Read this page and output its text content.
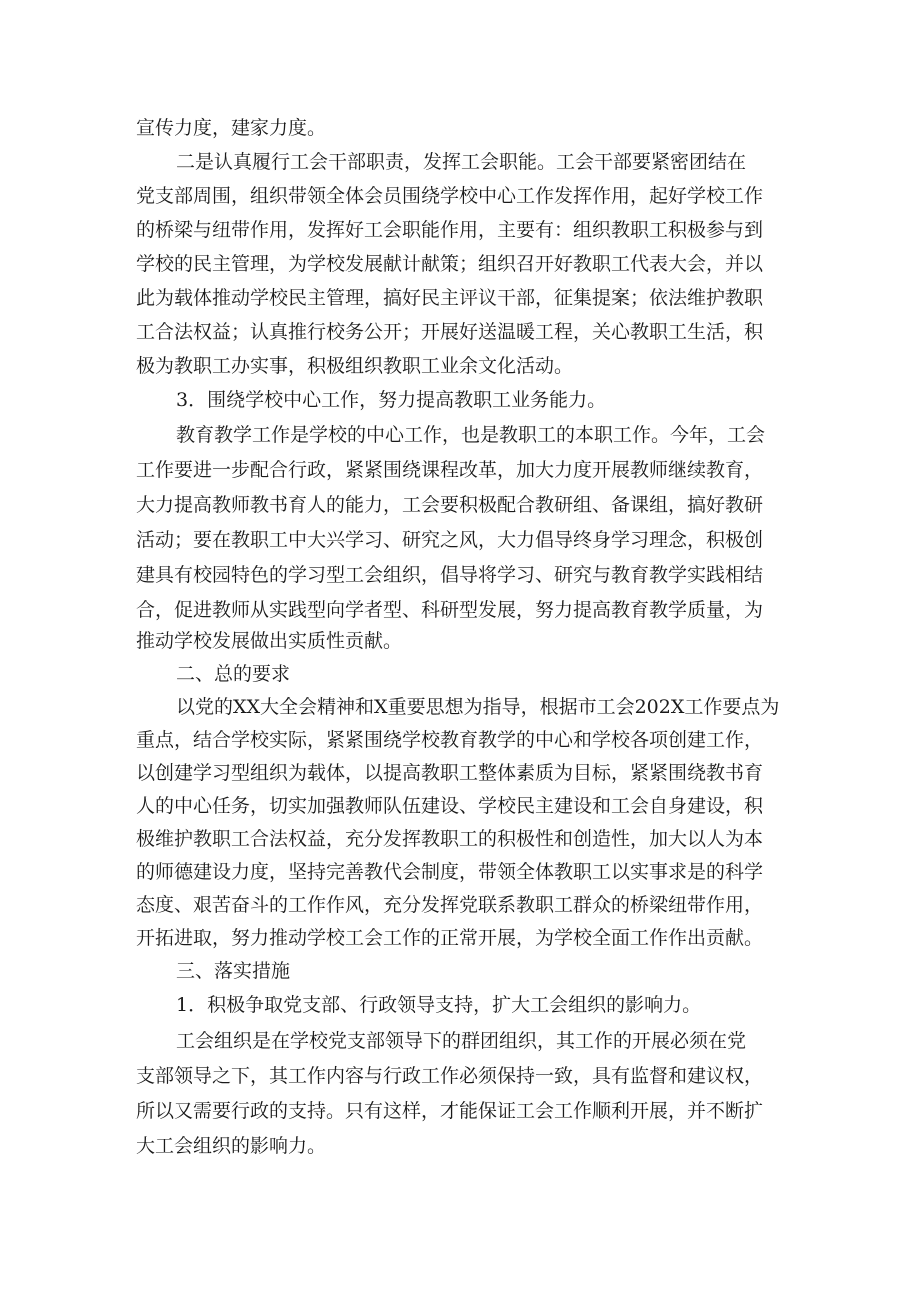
宣传力度，建家力度。
二是认真履行工会干部职责，发挥工会职能。工会干部要紧密团结在
党支部周围，组织带领全体会员围绕学校中心工作发挥作用，起好学校工作
的桥梁与纽带作用，发挥好工会职能作用，主要有：组织教职工积极参与到
学校的民主管理，为学校发展献计献策；组织召开好教职工代表大会，并以
此为载体推动学校民主管理，搞好民主评议干部，征集提案；依法维护教职
工合法权益；认真推行校务公开；开展好送温暖工程，关心教职工生活，积
极为教职工办实事，积极组织教职工业余文化活动。
3．围绕学校中心工作，努力提高教职工业务能力。
教育教学工作是学校的中心工作，也是教职工的本职工作。今年，工会
工作要进一步配合行政，紧紧围绕课程改革，加大力度开展教师继续教育，
大力提高教师教书育人的能力，工会要积极配合教研组、备课组，搞好教研
活动；要在教职工中大兴学习、研究之风，大力倡导终身学习理念，积极创
建具有校园特色的学习型工会组织，倡导将学习、研究与教育教学实践相结
合，促进教师从实践型向学者型、科研型发展，努力提高教育教学质量，为
推动学校发展做出实质性贡献。
二、总的要求
以党的XX大全会精神和X重要思想为指导，根据市工会202X工作要点为
重点，结合学校实际，紧紧围绕学校教育教学的中心和学校各项创建工作，
以创建学习型组织为载体，以提高教职工整体素质为目标，紧紧围绕教书育
人的中心任务，切实加强教师队伍建设、学校民主建设和工会自身建设，积
极维护教职工合法权益，充分发挥教职工的积极性和创造性，加大以人为本
的师德建设力度，坚持完善教代会制度，带领全体教职工以实事求是的科学
态度、艰苦奋斗的工作作风，充分发挥党联系教职工群众的桥梁纽带作用，
开拓进取，努力推动学校工会工作的正常开展，为学校全面工作作出贡献。
三、落实措施
1．积极争取党支部、行政领导支持，扩大工会组织的影响力。
工会组织是在学校党支部领导下的群团组织，其工作的开展必须在党
支部领导之下，其工作内容与行政工作必须保持一致，具有监督和建议权，
所以又需要行政的支持。只有这样，才能保证工会工作顺利开展，并不断扩
大工会组织的影响力。
